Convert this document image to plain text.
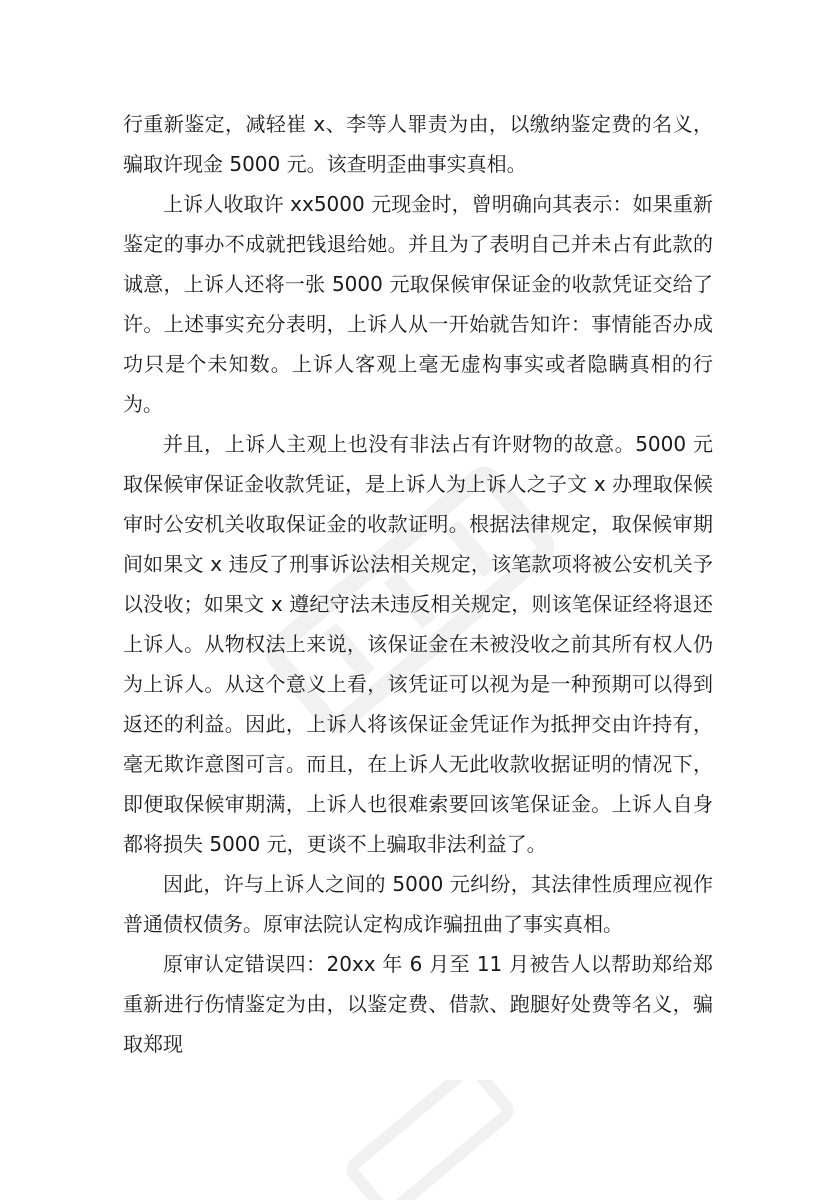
行重新鉴定，减轻崔 x、李等人罪责为由，以缴纳鉴定费的名义，骗取许现金 5000 元。该查明歪曲事实真相。

上诉人收取许 xx5000 元现金时，曾明确向其表示：如果重新鉴定的事办不成就把钱退给她。并且为了表明自己并未占有此款的诚意，上诉人还将一张 5000 元取保候审保证金的收款凭证交给了许。上述事实充分表明，上诉人从一开始就告知许：事情能否办成功只是个未知数。上诉人客观上毫无虚构事实或者隐瞒真相的行为。

并且，上诉人主观上也没有非法占有许财物的故意。5000 元取保候审保证金收款凭证，是上诉人为上诉人之子文 x 办理取保候审时公安机关收取保证金的收款证明。根据法律规定，取保候审期间如果文 x 违反了刑事诉讼法相关规定，该笔款项将被公安机关予以没收；如果文 x 遵纪守法未违反相关规定，则该笔保证经将退还上诉人。从物权法上来说，该保证金在未被没收之前其所有权人仍为上诉人。从这个意义上看，该凭证可以视为是一种预期可以得到返还的利益。因此，上诉人将该保证金凭证作为抵押交由许持有，毫无欺诈意图可言。而且，在上诉人无此收款收据证明的情况下，即便取保候审期满，上诉人也很难索要回该笔保证金。上诉人自身都将损失 5000 元，更谈不上骗取非法利益了。

因此，许与上诉人之间的 5000 元纠纷，其法律性质理应视作普通债权债务。原审法院认定构成诈骗扭曲了事实真相。

原审认定错误四：20xx 年 6 月至 11 月被告人以帮助郑给郑重新进行伤情鉴定为由，以鉴定费、借款、跑腿好处费等名义，骗取郑现
